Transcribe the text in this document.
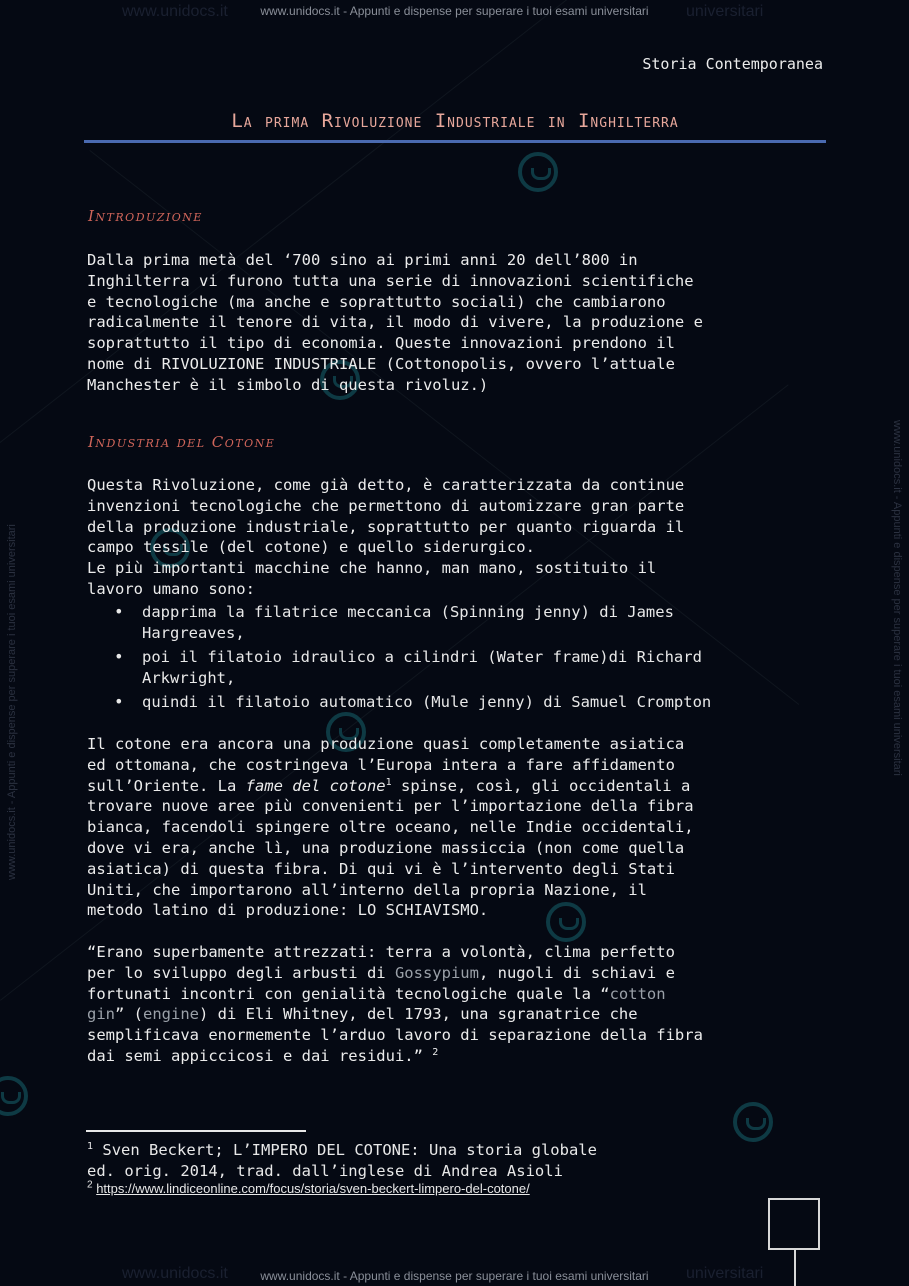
www.unidocs.it	universitari
www.unidocs.it - Appunti e dispense per superare i tuoi esami universitari
www.unidocs.it	universitari
www.unidocs.it - Appunti e dispense per superare i tuoi esami universitari
www.unidocs.it - Appunti e dispense per superare i tuoi esami universitari	www.unidocs.it - Appunti e dispense per superare i tuoi esami universitari
Storia Contemporanea
La prima Rivoluzione Industriale in Inghilterra
Introduzione

Dalla prima metà del ‘700 sino ai primi anni 20 dell’800 in
Inghilterra vi furono tutta una serie di innovazioni scientifiche
e tecnologiche (ma anche e soprattutto sociali) che cambiarono
radicalmente il tenore di vita, il modo di vivere, la produzione e
soprattutto il tipo di economia. Queste innovazioni prendono il
nome di RIVOLUZIONE INDUSTRIALE (Cottonopolis, ovvero l’attuale
Manchester è il simbolo di questa rivoluz.)

Industria del Cotone

Questa Rivoluzione, come già detto, è caratterizzata da continue
invenzioni tecnologiche che permettono di automizzare gran parte
della produzione industriale, soprattutto per quanto riguarda il
campo tessile (del cotone) e quello siderurgico.
Le più importanti macchine che hanno, man mano, sostituito il
lavoro umano sono:

• dapprima la filatrice meccanica (Spinning jenny) di James
Hargreaves,
• poi il filatoio idraulico a cilindri (Water frame)di Richard
Arkwright,
• quindi il filatoio automatico (Mule jenny) di Samuel Crompton

Il cotone era ancora una produzione quasi completamente asiatica
ed ottomana, che costringeva l’Europa intera a fare affidamento
sull’Oriente. La fame del cotone$^1$ spinse, così, gli occidentali a
trovare nuove aree più convenienti per l’importazione della fibra
bianca, facendoli spingere oltre oceano, nelle Indie occidentali,
dove vi era, anche lì, una produzione massiccia (non come quella
asiatica) di questa fibra. Di qui vi è l’intervento degli Stati
Uniti, che importarono all’interno della propria Nazione, il
metodo latino di produzione: LO SCHIAVISMO.

“Erano superbamente attrezzati: terra a volontà, clima perfetto
per lo sviluppo degli arbusti di Gossypium, nugoli di schiavi e
fortunati incontri con genialità tecnologiche quale la “cotton
gin” (engine) di Eli Whitney, del 1793, una sgranatrice che
semplificava enormemente l’arduo lavoro di separazione della fibra
dai semi appiccicosi e dai residui.” $^2$

$^1$ Sven Beckert; L’IMPERO DEL COTONE: Una storia globale
ed. orig. 2014, trad. dall’inglese di Andrea Asioli
$^2$ https://www.lindiceonline.com/focus/storia/sven-beckert-limpero-del-cotone/
